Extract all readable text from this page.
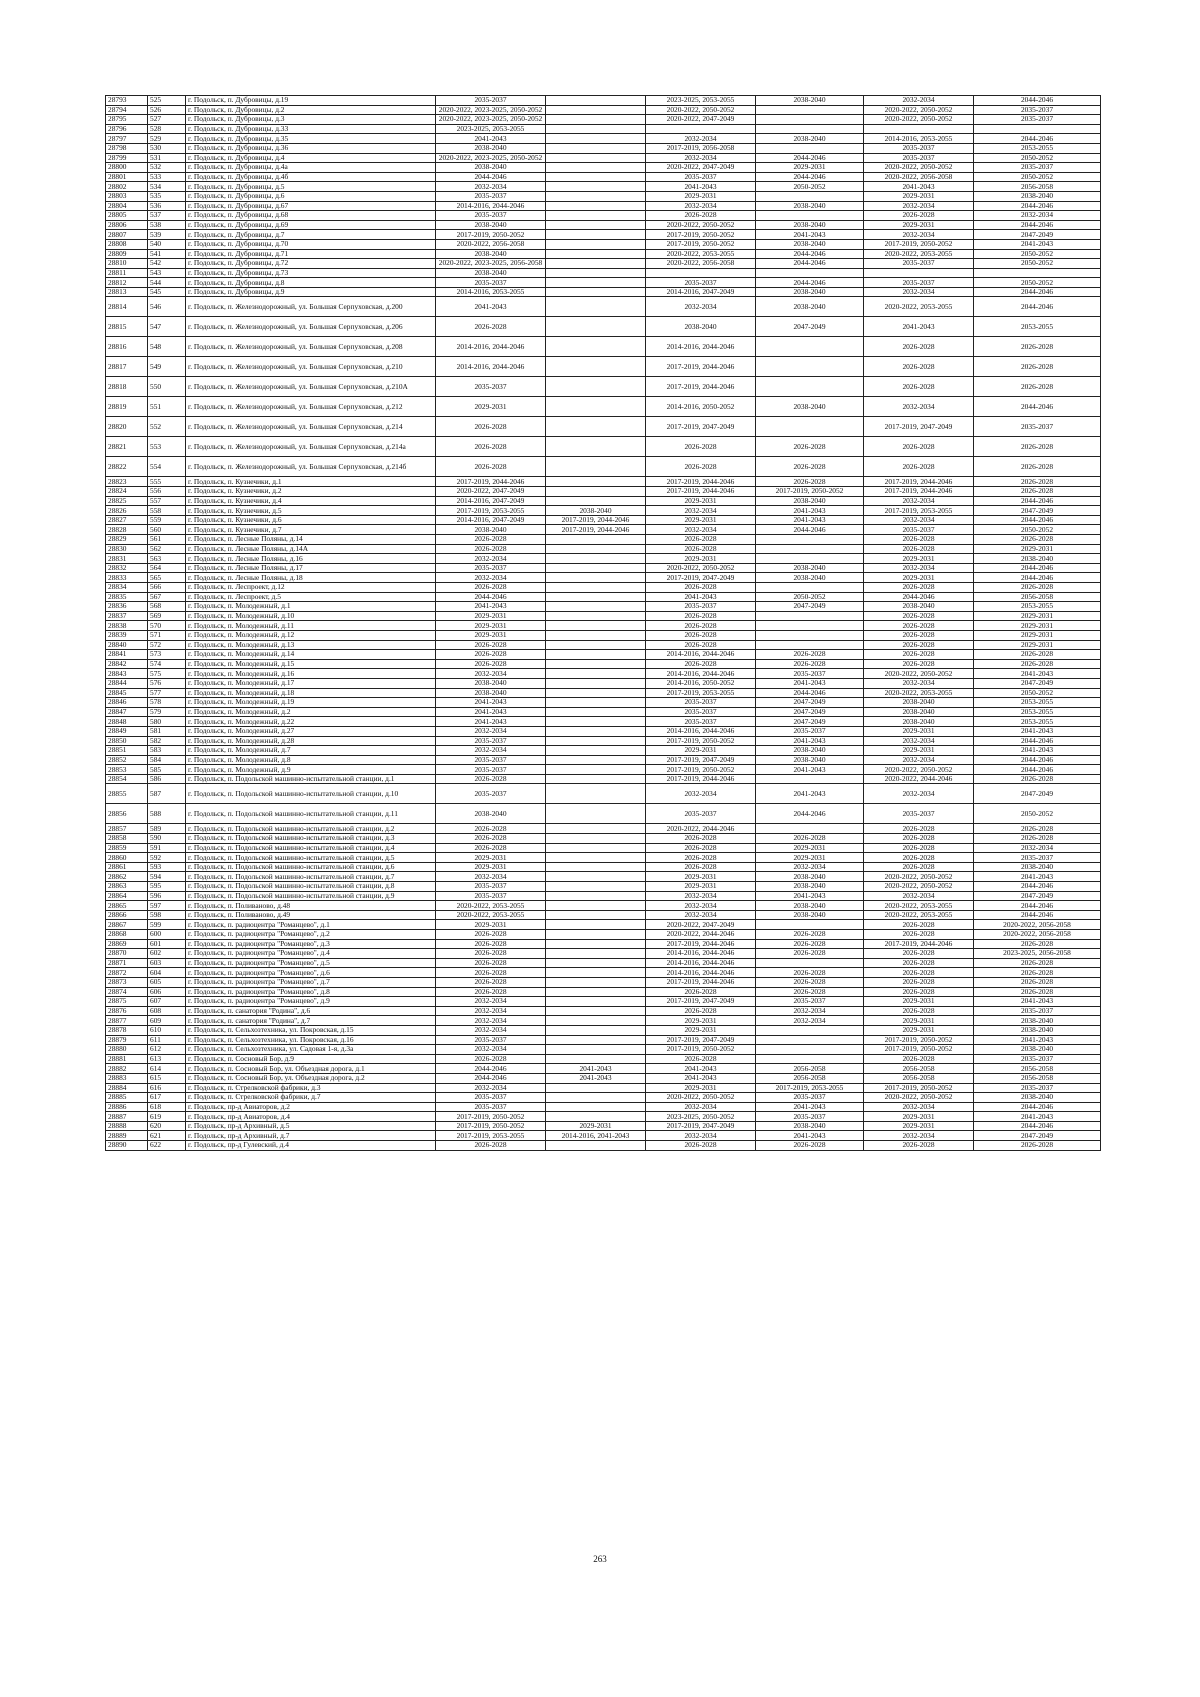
28793	525	г. Подольск, п. Дубровицы, д.19	2035-2037		2023-2025, 2053-2055	2038-2040	2032-2034	2044-2046
28794	526	г. Подольск, п. Дубровицы, д.2	2020-2022, 2023-2025, 2050-2052		2020-2022, 2050-2052		2020-2022, 2050-2052	2035-2037
28795	527	г. Подольск, п. Дубровицы, д.3	2020-2022, 2023-2025, 2050-2052		2020-2022, 2047-2049		2020-2022, 2050-2052	2035-2037
28796	528	г. Подольск, п. Дубровицы, д.33	2023-2025, 2053-2055					
28797	529	г. Подольск, п. Дубровицы, д.35	2041-2043		2032-2034	2038-2040	2014-2016, 2053-2055	2044-2046
28798	530	г. Подольск, п. Дубровицы, д.36	2038-2040		2017-2019, 2056-2058		2035-2037	2053-2055
28799	531	г. Подольск, п. Дубровицы, д.4	2020-2022, 2023-2025, 2050-2052		2032-2034	2044-2046	2035-2037	2050-2052
28800	532	г. Подольск, п. Дубровицы, д.4а	2038-2040		2020-2022, 2047-2049	2029-2031	2020-2022, 2050-2052	2035-2037
28801	533	г. Подольск, п. Дубровицы, д.4б	2044-2046		2035-2037	2044-2046	2020-2022, 2056-2058	2050-2052
28802	534	г. Подольск, п. Дубровицы, д.5	2032-2034		2041-2043	2050-2052	2041-2043	2056-2058
28803	535	г. Подольск, п. Дубровицы, д.6	2035-2037		2029-2031		2029-2031	2038-2040
28804	536	г. Подольск, п. Дубровицы, д.67	2014-2016, 2044-2046		2032-2034	2038-2040	2032-2034	2044-2046
28805	537	г. Подольск, п. Дубровицы, д.68	2035-2037		2026-2028		2026-2028	2032-2034
28806	538	г. Подольск, п. Дубровицы, д.69	2038-2040		2020-2022, 2050-2052	2038-2040	2029-2031	2044-2046
28807	539	г. Подольск, п. Дубровицы, д.7	2017-2019, 2050-2052		2017-2019, 2050-2052	2041-2043	2032-2034	2047-2049
28808	540	г. Подольск, п. Дубровицы, д.70	2020-2022, 2056-2058		2017-2019, 2050-2052	2038-2040	2017-2019, 2050-2052	2041-2043
28809	541	г. Подольск, п. Дубровицы, д.71	2038-2040		2020-2022, 2053-2055	2044-2046	2020-2022, 2053-2055	2050-2052
28810	542	г. Подольск, п. Дубровицы, д.72	2020-2022, 2023-2025, 2056-2058		2020-2022, 2056-2058	2044-2046	2035-2037	2050-2052
28811	543	г. Подольск, п. Дубровицы, д.73	2038-2040					
28812	544	г. Подольск, п. Дубровицы, д.8	2035-2037		2035-2037	2044-2046	2035-2037	2050-2052
28813	545	г. Подольск, п. Дубровицы, д.9	2014-2016, 2053-2055		2014-2016, 2047-2049	2038-2040	2032-2034	2044-2046
28814	546	г. Подольск, п. Железнодорожный, ул. Большая Серпуховская, д.200	2041-2043		2032-2034	2038-2040	2020-2022, 2053-2055	2044-2046
28815	547	г. Подольск, п. Железнодорожный, ул. Большая Серпуховская, д.206	2026-2028		2038-2040	2047-2049	2041-2043	2053-2055
28816	548	г. Подольск, п. Железнодорожный, ул. Большая Серпуховская, д.208	2014-2016, 2044-2046		2014-2016, 2044-2046		2026-2028	2026-2028
28817	549	г. Подольск, п. Железнодорожный, ул. Большая Серпуховская, д.210	2014-2016, 2044-2046		2017-2019, 2044-2046		2026-2028	2026-2028
28818	550	г. Подольск, п. Железнодорожный, ул. Большая Серпуховская, д.210А	2035-2037		2017-2019, 2044-2046		2026-2028	2026-2028
28819	551	г. Подольск, п. Железнодорожный, ул. Большая Серпуховская, д.212	2029-2031		2014-2016, 2050-2052	2038-2040	2032-2034	2044-2046
28820	552	г. Подольск, п. Железнодорожный, ул. Большая Серпуховская, д.214	2026-2028		2017-2019, 2047-2049		2017-2019, 2047-2049	2035-2037
28821	553	г. Подольск, п. Железнодорожный, ул. Большая Серпуховская, д.214а	2026-2028		2026-2028	2026-2028	2026-2028	2026-2028
28822	554	г. Подольск, п. Железнодорожный, ул. Большая Серпуховская, д.214б	2026-2028		2026-2028	2026-2028	2026-2028	2026-2028
28823	555	г. Подольск, п. Кузнечики, д.1	2017-2019, 2044-2046		2017-2019, 2044-2046	2026-2028	2017-2019, 2044-2046	2026-2028
28824	556	г. Подольск, п. Кузнечики, д.2	2020-2022, 2047-2049		2017-2019, 2044-2046	2017-2019, 2050-2052	2017-2019, 2044-2046	2026-2028
28825	557	г. Подольск, п. Кузнечики, д.4	2014-2016, 2047-2049		2029-2031	2038-2040	2032-2034	2044-2046
28826	558	г. Подольск, п. Кузнечики, д.5	2017-2019, 2053-2055	2038-2040	2032-2034	2041-2043	2017-2019, 2053-2055	2047-2049
28827	559	г. Подольск, п. Кузнечики, д.6	2014-2016, 2047-2049	2017-2019, 2044-2046	2029-2031	2041-2043	2032-2034	2044-2046
28828	560	г. Подольск, п. Кузнечики, д.7	2038-2040	2017-2019, 2044-2046	2032-2034	2044-2046	2035-2037	2050-2052
28829	561	г. Подольск, п. Лесные Поляны, д.14	2026-2028		2026-2028		2026-2028	2026-2028
28830	562	г. Подольск, п. Лесные Поляны, д.14А	2026-2028		2026-2028		2026-2028	2029-2031
28831	563	г. Подольск, п. Лесные Поляны, д.16	2032-2034		2029-2031		2029-2031	2038-2040
28832	564	г. Подольск, п. Лесные Поляны, д.17	2035-2037		2020-2022, 2050-2052	2038-2040	2032-2034	2044-2046
28833	565	г. Подольск, п. Лесные Поляны, д.18	2032-2034		2017-2019, 2047-2049	2038-2040	2029-2031	2044-2046
28834	566	г. Подольск, п. Леспроект, д.12	2026-2028		2026-2028		2026-2028	2026-2028
28835	567	г. Подольск, п. Леспроект, д.5	2044-2046		2041-2043	2050-2052	2044-2046	2056-2058
28836	568	г. Подольск, п. Молодежный, д.1	2041-2043		2035-2037	2047-2049	2038-2040	2053-2055
28837	569	г. Подольск, п. Молодежный, д.10	2029-2031		2026-2028		2026-2028	2029-2031
28838	570	г. Подольск, п. Молодежный, д.11	2029-2031		2026-2028		2026-2028	2029-2031
28839	571	г. Подольск, п. Молодежный, д.12	2029-2031		2026-2028		2026-2028	2029-2031
28840	572	г. Подольск, п. Молодежный, д.13	2026-2028		2026-2028		2026-2028	2029-2031
28841	573	г. Подольск, п. Молодежный, д.14	2026-2028		2014-2016, 2044-2046	2026-2028	2026-2028	2026-2028
28842	574	г. Подольск, п. Молодежный, д.15	2026-2028		2026-2028	2026-2028	2026-2028	2026-2028
28843	575	г. Подольск, п. Молодежный, д.16	2032-2034		2014-2016, 2044-2046	2035-2037	2020-2022, 2050-2052	2041-2043
28844	576	г. Подольск, п. Молодежный, д.17	2038-2040		2014-2016, 2050-2052	2041-2043	2032-2034	2047-2049
28845	577	г. Подольск, п. Молодежный, д.18	2038-2040		2017-2019, 2053-2055	2044-2046	2020-2022, 2053-2055	2050-2052
28846	578	г. Подольск, п. Молодежный, д.19	2041-2043		2035-2037	2047-2049	2038-2040	2053-2055
28847	579	г. Подольск, п. Молодежный, д.2	2041-2043		2035-2037	2047-2049	2038-2040	2053-2055
28848	580	г. Подольск, п. Молодежный, д.22	2041-2043		2035-2037	2047-2049	2038-2040	2053-2055
28849	581	г. Подольск, п. Молодежный, д.27	2032-2034		2014-2016, 2044-2046	2035-2037	2029-2031	2041-2043
28850	582	г. Подольск, п. Молодежный, д.28	2035-2037		2017-2019, 2050-2052	2041-2043	2032-2034	2044-2046
28851	583	г. Подольск, п. Молодежный, д.7	2032-2034		2029-2031	2038-2040	2029-2031	2041-2043
28852	584	г. Подольск, п. Молодежный, д.8	2035-2037		2017-2019, 2047-2049	2038-2040	2032-2034	2044-2046
28853	585	г. Подольск, п. Молодежный, д.9	2035-2037		2017-2019, 2050-2052	2041-2043	2020-2022, 2050-2052	2044-2046
28854	586	г. Подольск, п. Подольской машинно-испытательной станции, д.1	2026-2028		2017-2019, 2044-2046		2020-2022, 2044-2046	2026-2028
28855	587	г. Подольск, п. Подольской машинно-испытательной станции, д.10	2035-2037		2032-2034	2041-2043	2032-2034	2047-2049
28856	588	г. Подольск, п. Подольской машинно-испытательной станции, д.11	2038-2040		2035-2037	2044-2046	2035-2037	2050-2052
28857	589	г. Подольск, п. Подольской машинно-испытательной станции, д.2	2026-2028		2020-2022, 2044-2046		2026-2028	2026-2028
28858	590	г. Подольск, п. Подольской машинно-испытательной станции, д.3	2026-2028		2026-2028	2026-2028	2026-2028	2026-2028
28859	591	г. Подольск, п. Подольской машинно-испытательной станции, д.4	2026-2028		2026-2028	2029-2031	2026-2028	2032-2034
28860	592	г. Подольск, п. Подольской машинно-испытательной станции, д.5	2029-2031		2026-2028	2029-2031	2026-2028	2035-2037
28861	593	г. Подольск, п. Подольской машинно-испытательной станции, д.6	2029-2031		2026-2028	2032-2034	2026-2028	2038-2040
28862	594	г. Подольск, п. Подольской машинно-испытательной станции, д.7	2032-2034		2029-2031	2038-2040	2020-2022, 2050-2052	2041-2043
28863	595	г. Подольск, п. Подольской машинно-испытательной станции, д.8	2035-2037		2029-2031	2038-2040	2020-2022, 2050-2052	2044-2046
28864	596	г. Подольск, п. Подольской машинно-испытательной станции, д.9	2035-2037		2032-2034	2041-2043	2032-2034	2047-2049
28865	597	г. Подольск, п. Поливаново, д.48	2020-2022, 2053-2055		2032-2034	2038-2040	2020-2022, 2053-2055	2044-2046
28866	598	г. Подольск, п. Поливаново, д.49	2020-2022, 2053-2055		2032-2034	2038-2040	2020-2022, 2053-2055	2044-2046
28867	599	г. Подольск, п. радиоцентра "Романцево", д.1	2029-2031		2020-2022, 2047-2049		2026-2028	2020-2022, 2056-2058
28868	600	г. Подольск, п. радиоцентра "Романцево", д.2	2026-2028		2020-2022, 2044-2046	2026-2028	2026-2028	2020-2022, 2056-2058
28869	601	г. Подольск, п. радиоцентра "Романцево", д.3	2026-2028		2017-2019, 2044-2046	2026-2028	2017-2019, 2044-2046	2026-2028
28870	602	г. Подольск, п. радиоцентра "Романцево", д.4	2026-2028		2014-2016, 2044-2046	2026-2028	2026-2028	2023-2025, 2056-2058
28871	603	г. Подольск, п. радиоцентра "Романцево", д.5	2026-2028		2014-2016, 2044-2046		2026-2028	2026-2028
28872	604	г. Подольск, п. радиоцентра "Романцево", д.6	2026-2028		2014-2016, 2044-2046	2026-2028	2026-2028	2026-2028
28873	605	г. Подольск, п. радиоцентра "Романцево", д.7	2026-2028		2017-2019, 2044-2046	2026-2028	2026-2028	2026-2028
28874	606	г. Подольск, п. радиоцентра "Романцево", д.8	2026-2028		2026-2028	2026-2028	2026-2028	2026-2028
28875	607	г. Подольск, п. радиоцентра "Романцево", д.9	2032-2034		2017-2019, 2047-2049	2035-2037	2029-2031	2041-2043
28876	608	г. Подольск, п. санатория "Родина", д.6	2032-2034		2026-2028	2032-2034	2026-2028	2035-2037
28877	609	г. Подольск, п. санатория "Родина", д.7	2032-2034		2029-2031	2032-2034	2029-2031	2038-2040
28878	610	г. Подольск, п. Сельхозтехника, ул. Покровская, д.15	2032-2034		2029-2031		2029-2031	2038-2040
28879	611	г. Подольск, п. Сельхозтехника, ул. Покровская, д.16	2035-2037		2017-2019, 2047-2049		2017-2019, 2050-2052	2041-2043
28880	612	г. Подольск, п. Сельхозтехника, ул. Садовая 1-я, д.3а	2032-2034		2017-2019, 2050-2052		2017-2019, 2050-2052	2038-2040
28881	613	г. Подольск, п. Сосновый Бор, д.9	2026-2028		2026-2028		2026-2028	2035-2037
28882	614	г. Подольск, п. Сосновый Бор, ул. Объездная дорога, д.1	2044-2046	2041-2043	2041-2043	2056-2058	2056-2058	2056-2058
28883	615	г. Подольск, п. Сосновый Бор, ул. Объездная дорога, д.2	2044-2046	2041-2043	2041-2043	2056-2058	2056-2058	2056-2058
28884	616	г. Подольск, п. Стрелковской фабрики, д.3	2032-2034		2029-2031	2017-2019, 2053-2055	2017-2019, 2050-2052	2035-2037
28885	617	г. Подольск, п. Стрелковской фабрики, д.7	2035-2037		2020-2022, 2050-2052	2035-2037	2020-2022, 2050-2052	2038-2040
28886	618	г. Подольск, пр-д Авиаторов, д.2	2035-2037		2032-2034	2041-2043	2032-2034	2044-2046
28887	619	г. Подольск, пр-д Авиаторов, д.4	2017-2019, 2050-2052		2023-2025, 2050-2052	2035-2037	2029-2031	2041-2043
28888	620	г. Подольск, пр-д Архивный, д.5	2017-2019, 2050-2052	2029-2031	2017-2019, 2047-2049	2038-2040	2029-2031	2044-2046
28889	621	г. Подольск, пр-д Архивный, д.7	2017-2019, 2053-2055	2014-2016, 2041-2043	2032-2034	2041-2043	2032-2034	2047-2049
28890	622	г. Подольск, пр-д Гулевский, д.4	2026-2028		2026-2028	2026-2028	2026-2028	2026-2028
263
